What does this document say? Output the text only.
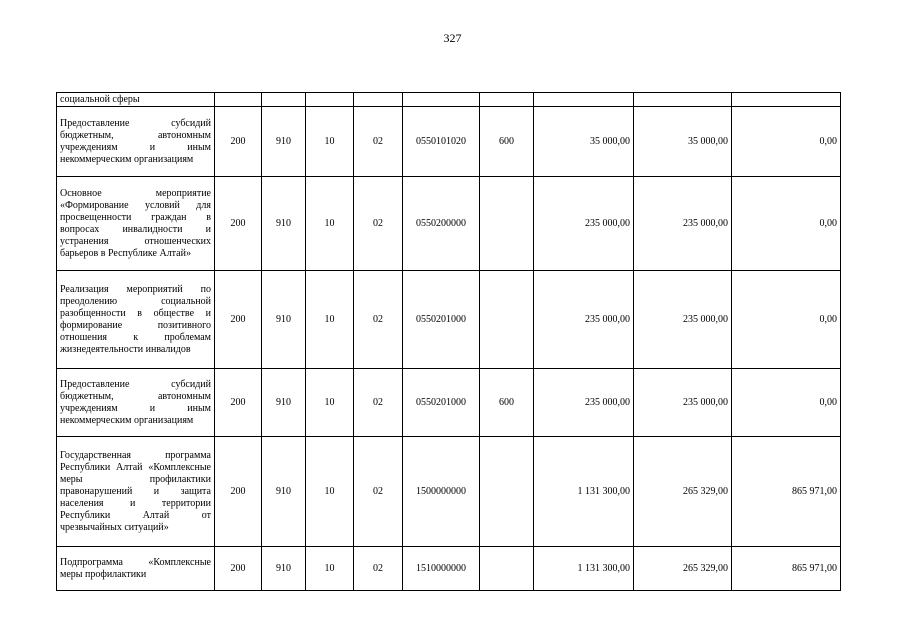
327
социальной сферы									
Предоставление субсидий бюджетным, автономным учреждениям и иным некоммерческим организациям	200	910	10	02	0550101020	600	35 000,00	35 000,00	0,00
Основное мероприятие «Формирование условий для просвещенности граждан в вопросах инвалидности и устранения отношенческих барьеров в Республике Алтай»	200	910	10	02	0550200000		235 000,00	235 000,00	0,00
Реализация мероприятий по преодолению социальной разобщенности в обществе и формирование позитивного отношения к проблемам жизнедеятельности инвалидов	200	910	10	02	0550201000		235 000,00	235 000,00	0,00
Предоставление субсидий бюджетным, автономным учреждениям и иным некоммерческим организациям	200	910	10	02	0550201000	600	235 000,00	235 000,00	0,00
Государственная программа Республики Алтай «Комплексные меры профилактики правонарушений и защита населения и территории Республики Алтай от чрезвычайных ситуаций»	200	910	10	02	1500000000		1 131 300,00	265 329,00	865 971,00
Подпрограмма «Комплексные меры профилактики	200	910	10	02	1510000000		1 131 300,00	265 329,00	865 971,00
